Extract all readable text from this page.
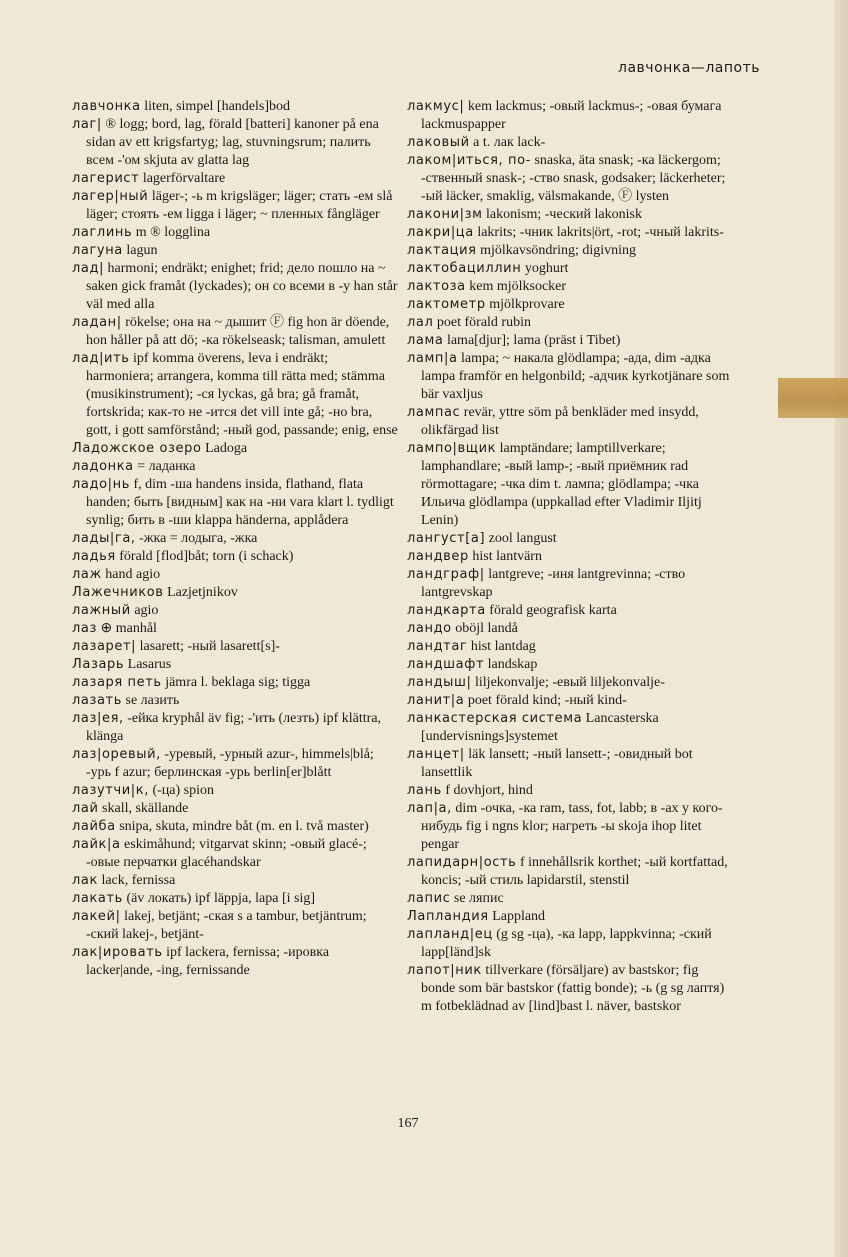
лавчонка—лапоть

лавчонка liten, simpel [handels]bod

лаг| ® logg; bord, lag, förald [batteri] kanoner på ena sidan av ett krigsfartyg; lag, stuvningsrum; палить всем -'ом skjuta av glatta lag

лагерист lagerförvaltare

лагер|ный läger-; -ь m krigsläger; läger; стать -ем slå läger; стоять -ем ligga i läger; ~ пленных fångläger

лаглинь m ® logglina

лагуна lagun

лад| harmoni; endräkt; enighet; frid; дело пошло на ~ saken gick framåt (lyckades); он со всеми в -у han står väl med alla

ладан| rökelse; она на ~ дышит Ⓕ fig hon är döende, hon håller på att dö; -ка rökelseask; talisman, amulett

лад|ить ipf komma överens, leva i endräkt; harmoniera; arrangera, komma till rätta med; stämma (musikinstrument); -ся lyckas, gå bra; gå framåt, fortskrida; как-то не -ится det vill inte gå; -но bra, gott, i gott samförstånd; -ный god, passande; enig, ense

Ладожское озеро Ladoga

ладонка = ладанка

ладо|нь f, dim -ша handens insida, flathand, flata handen; быть [видным] как на -ни vara klart l. tydligt synlig; бить в -ши klappa händerna, applådera

лады|га, -жка = лодыга, -жка

ладья förald [flod]båt; torn (i schack)

лаж hand agio

Лажечников Lazjetjnikov

лажный agio

лаз ⊕ manhål

лазарет| lasarett; -ный lasarett[s]-

Лазарь Lasarus

лазаря петь jämra l. beklaga sig; tigga

лазать se лазить

лаз|ея, -ейка kryphål äv fig; -'ить (лезть) ipf klättra, klänga

лаз|оревый, -уревый, -урный azur-, himmels|blå; -урь f azur; берлинская -урь berlin[er]blått

лазутчи|к, (-ца) spion

лай skall, skällande

лайба snipa, skuta, mindre båt (m. en l. två master)

лайк|а eskimåhund; vitgarvat skinn; -овый glacé-; -овые перчатки glacéhandskar

лак lack, fernissa

лакать (äv локать) ipf läppja, lapa [i sig]

лакей| lakej, betjänt; -ская s a tambur, betjäntrum; -ский lakej-, betjänt-

лак|ировать ipf lackera, fernissa; -ировка lacker|ande, -ing, fernissande

лакмус| kem lackmus; -овый lackmus-; -овая бумага lackmuspapper

лаковый a t. лак lack-

лаком|иться, по- snaska, äta snask; -ка läckergom; -ственный snask-; -ство snask, godsaker; läckerheter; -ый läcker, smaklig, välsmakande, Ⓕ lysten

лакони|зм lakonism; -ческий lakonisk

лакри|ца lakrits; -чник lakrits|ört, -rot; -чный lakrits-

лактация mjölkavsöndring; digivning

лактобациллин yoghurt

лактоза kem mjölksocker

лактометр mjölkprovare

лал poet förald rubin

лама lama[djur]; lama (präst i Tibet)

ламп|а lampa; ~ накала glödlampa; -ада, dim -адка lampa framför en helgonbild; -адчик kyrkotjänare som bär vaxljus

лампас revär, yttre söm på benkläder med insydd, olikfärgad list

лампо|вщик lamptändare; lamptillverkare; lamphandlare; -вый lamp-; -вый приёмник rad rörmottagare; -чка dim t. лампа; glödlampa; -чка Ильича glödlampa (uppkallad efter Vladimir Iljitj Lenin)

лангуст[а] zool langust

ландвер hist lantvärn

ландграф| lantgreve; -иня lantgrevinna; -ство lantgrevskap

ландкарта förald geografisk karta

ландо oböjl landå

ландтаг hist lantdag

ландшафт landskap

ландыш| liljekonvalje; -евый liljekonvalje-

ланит|а poet förald kind; -ный kind-

ланкастерская система Lancasterska [undervisnings]systemet

ланцет| läk lansett; -ный lansett-; -овидный bot lansettlik

лань f dovhjort, hind

лап|а, dim -очка, -ка ram, tass, fot, labb; в -ах у кого-нибудь fig i ngns klor; нагреть -ы skoja ihop litet pengar

лапидарн|ость f innehållsrik korthet; -ый kortfattad, koncis; -ый стиль lapidarstil, stenstil

лапис se ляпис

Лапландия Lappland

лапланд|ец (g sg -ца), -ка lapp, lappkvinna; -ский lapp[länd]sk

лапот|ник tillverkare (försäljare) av bastskor; fig bonde som bär bastskor (fattig bonde); -ь (g sg лаптя) m fotbeklädnad av [lind]bast l. näver, bastskor

167
